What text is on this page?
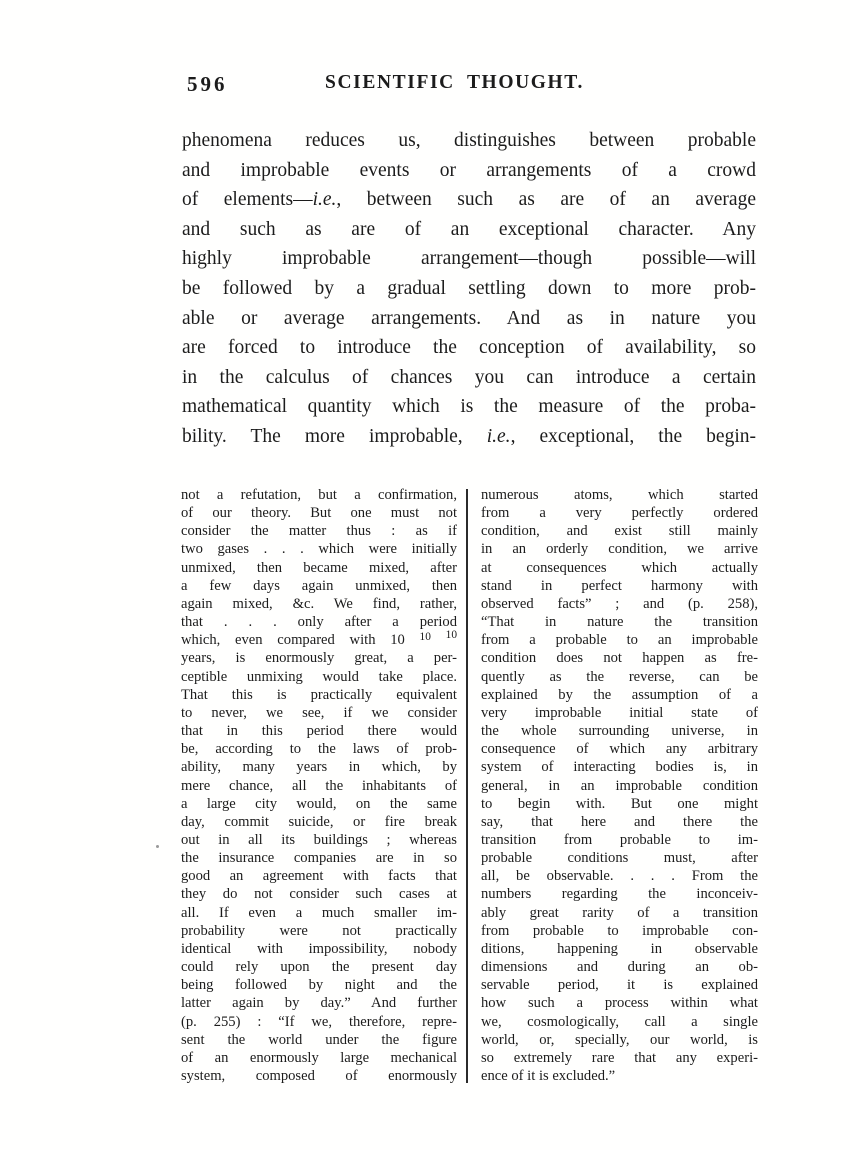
596	SCIENTIFIC THOUGHT.
phenomena reduces us, distinguishes between probable
and improbable events or arrangements of a crowd
of elements—i.e., between such as are of an average
and such as are of an exceptional character. Any
highly improbable arrangement—though possible—will
be followed by a gradual settling down to more prob-
able or average arrangements. And as in nature you
are forced to introduce the conception of availability, so
in the calculus of chances you can introduce a certain
mathematical quantity which is the measure of the proba-
bility. The more improbable, i.e., exceptional, the begin-
not a refutation, but a confirmation,
of our theory. But one must not
consider the matter thus : as if
two gases . . . which were initially
unmixed, then became mixed, after
a few days again unmixed, then
again mixed, &c. We find, rather,
that . . . only after a period
which, even compared with 10 $^{10}$ $^{10}$
years, is enormously great, a per-
ceptible unmixing would take place.
That this is practically equivalent
to never, we see, if we consider
that in this period there would
be, according to the laws of prob-
ability, many years in which, by
mere chance, all the inhabitants of
a large city would, on the same
day, commit suicide, or fire break
out in all its buildings ; whereas
the insurance companies are in so
good an agreement with facts that
they do not consider such cases at
all. If even a much smaller im-
probability were not practically
identical with impossibility, nobody
could rely upon the present day
being followed by night and the
latter again by day.” And further
(p. 255) : “If we, therefore, repre-
sent the world under the figure
of an enormously large mechanical
system, composed of enormously
numerous atoms, which started
from a very perfectly ordered
condition, and exist still mainly
in an orderly condition, we arrive
at consequences which actually
stand in perfect harmony with
observed facts” ; and (p. 258),
“That in nature the transition
from a probable to an improbable
condition does not happen as fre-
quently as the reverse, can be
explained by the assumption of a
very improbable initial state of
the whole surrounding universe, in
consequence of which any arbitrary
system of interacting bodies is, in
general, in an improbable condition
to begin with. But one might
say, that here and there the
transition from probable to im-
probable conditions must, after
all, be observable. . . . From the
numbers regarding the inconceiv-
ably great rarity of a transition
from probable to improbable con-
ditions, happening in observable
dimensions and during an ob-
servable period, it is explained
how such a process within what
we, cosmologically, call a single
world, or, specially, our world, is
so extremely rare that any experi-
ence of it is excluded.”
